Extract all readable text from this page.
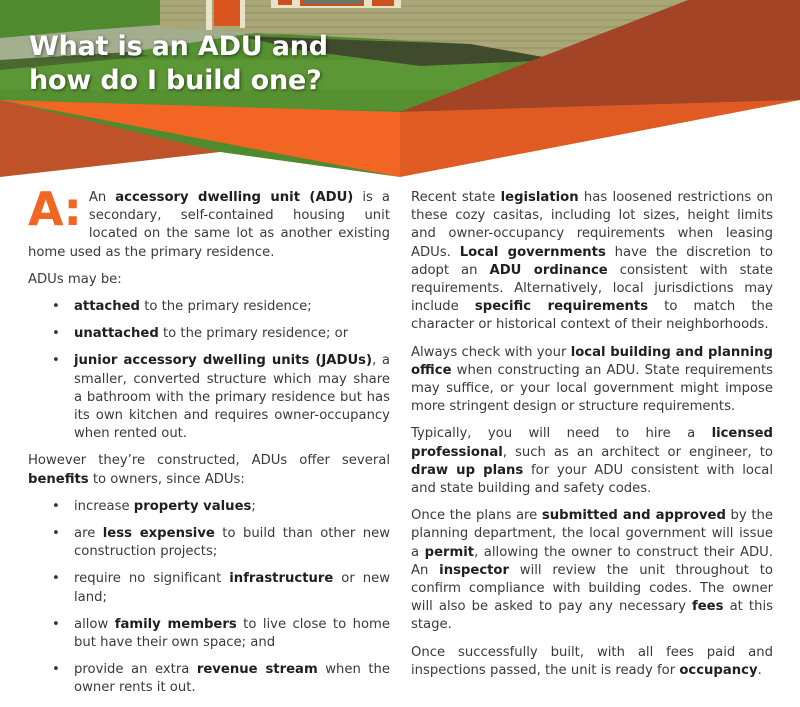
What is an ADU and
how do I build one?

A: An accessory dwelling unit (ADU) is a secondary, self-contained housing unit located on the same lot as another existing home used as the primary residence.

ADUs may be:

• attached to the primary residence;
• unattached to the primary residence; or
• junior accessory dwelling units (JADUs), a smaller, converted structure which may share a bathroom with the primary residence but has its own kitchen and requires owner-occupancy when rented out.

However they’re constructed, ADUs offer several benefits to owners, since ADUs:

• increase property values;
• are less expensive to build than other new construction projects;
• require no significant infrastructure or new land;
• allow family members to live close to home but have their own space; and
• provide an extra revenue stream when the owner rents it out.

Recent state legislation has loosened restrictions on these cozy casitas, including lot sizes, height limits and owner-occupancy requirements when leasing ADUs. Local governments have the discretion to adopt an ADU ordinance consistent with state requirements. Alternatively, local jurisdictions may include specific requirements to match the character or historical context of their neighborhoods.

Always check with your local building and planning office when constructing an ADU. State requirements may suffice, or your local government might impose more stringent design or structure requirements.

Typically, you will need to hire a licensed professional, such as an architect or engineer, to draw up plans for your ADU consistent with local and state building and safety codes.

Once the plans are submitted and approved by the planning department, the local government will issue a permit, allowing the owner to construct their ADU. An inspector will review the unit throughout to confirm compliance with building codes. The owner will also be asked to pay any necessary fees at this stage.

Once successfully built, with all fees paid and inspections passed, the unit is ready for occupancy.
